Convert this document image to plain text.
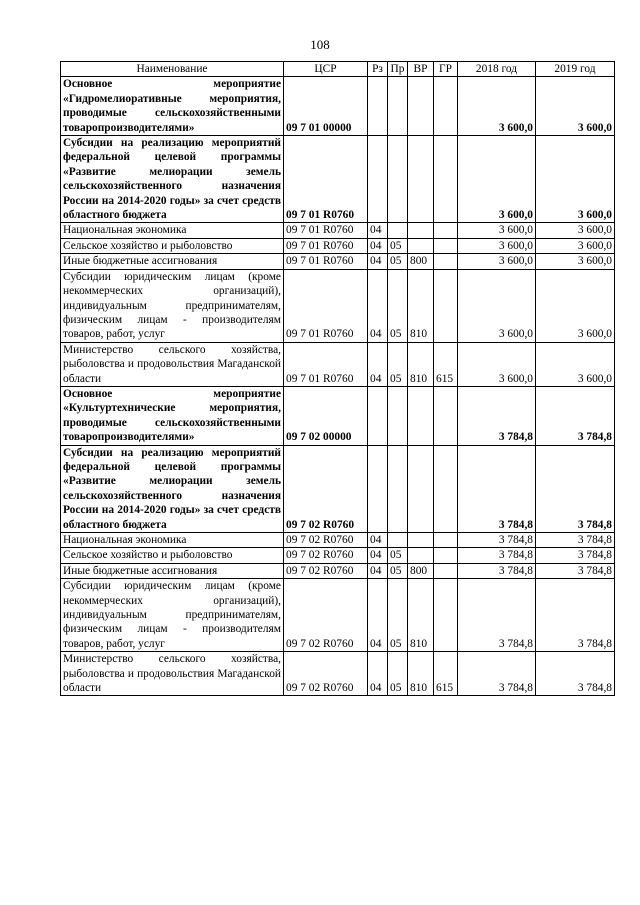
108
Наименование	ЦСР	Рз	Пр	ВР	ГР	2018 год	2019 год
Основное мероприятие «Гидромелиоративные мероприятия, проводимые сельскохозяйственными товаропроизводителями»	09 7 01 00000					3 600,0	3 600,0
Субсидии на реализацию мероприятий федеральной целевой программы «Развитие мелиорации земель сельскохозяйственного назначения России на 2014-2020 годы» за счет средств областного бюджета	09 7 01 R0760					3 600,0	3 600,0
Национальная экономика	09 7 01 R0760	04				3 600,0	3 600,0
Сельское хозяйство и рыболовство	09 7 01 R0760	04	05			3 600,0	3 600,0
Иные бюджетные ассигнования	09 7 01 R0760	04	05	800		3 600,0	3 600,0
Субсидии юридическим лицам (кроме некоммерческих организаций), индивидуальным предпринимателям, физическим лицам - производителям товаров, работ, услуг	09 7 01 R0760	04	05	810		3 600,0	3 600,0
Министерство сельского хозяйства, рыболовства и продовольствия Магаданской области	09 7 01 R0760	04	05	810	615	3 600,0	3 600,0
Основное мероприятие «Культуртехнические мероприятия, проводимые сельскохозяйственными товаропроизводителями»	09 7 02 00000					3 784,8	3 784,8
Субсидии на реализацию мероприятий федеральной целевой программы «Развитие мелиорации земель сельскохозяйственного назначения России на 2014-2020 годы» за счет средств областного бюджета	09 7 02 R0760					3 784,8	3 784,8
Национальная экономика	09 7 02 R0760	04				3 784,8	3 784,8
Сельское хозяйство и рыболовство	09 7 02 R0760	04	05			3 784,8	3 784,8
Иные бюджетные ассигнования	09 7 02 R0760	04	05	800		3 784,8	3 784,8
Субсидии юридическим лицам (кроме некоммерческих организаций), индивидуальным предпринимателям, физическим лицам - производителям товаров, работ, услуг	09 7 02 R0760	04	05	810		3 784,8	3 784,8
Министерство сельского хозяйства, рыболовства и продовольствия Магаданской области	09 7 02 R0760	04	05	810	615	3 784,8	3 784,8
